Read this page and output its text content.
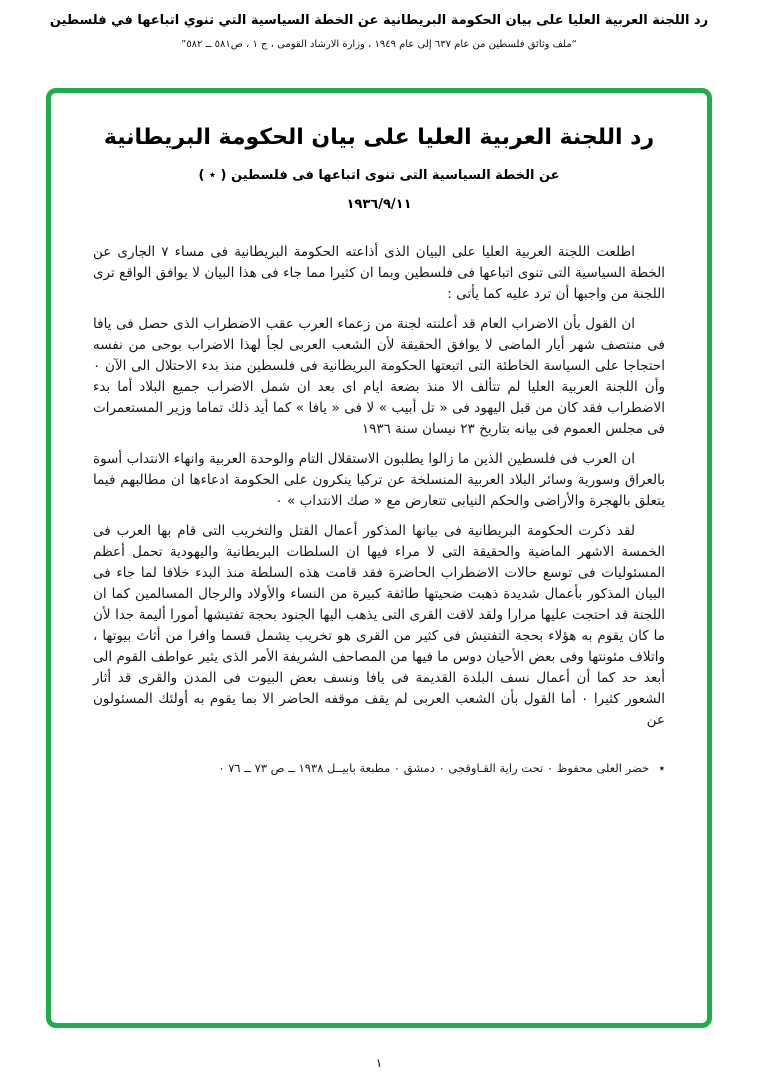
رد اللجنة العربية العليا على بيان الحكومة البريطانية عن الخطة السياسية التي تنوي اتباعها في فلسطين
“ملف وثائق فلسطين من عام ٦٣٧ إلى عام ١٩٤٩ ، وزارة الارشاد القومى ، ج ١ ، ص٥٨١ ــ ٥٨٢”
رد اللجنة العربية العليا على بيان الحكومة البريطانية
عن الخطة السياسية التى تنوى اتباعها فى فلسطين ( ٭ )
١٩٣٦/٩/١١

اطلعت اللجنة العربية العليا على البيان الذى أذاعته الحكومة البريطانية فى مساء ٧ الجارى عن الخطة السياسية التى تنوى اتباعها فى فلسطين وبما ان كثيرا مما جاء فى هذا البيان لا يوافق الواقع ترى اللجنة من واجبها أن ترد عليه كما يأتى :

ان القول بأن الاضراب العام قد أعلنته لجنة من زعماء العرب عقب الاضطراب الذى حصل فى يافا فى منتصف شهر أيار الماضى لا يوافق الحقيقة لأن الشعب العربى لجأ لهذا الاضراب بوحى من نفسه احتجاجا على السياسة الخاطئة التى اتبعتها الحكومة البريطانية فى فلسطين منذ بدء الاحتلال الى الآن ۰ وأن اللجنة العربية العليا لم تتألف الا منذ بضعة ايام اى بعد ان شمل الاضراب جميع البلاد أما بدء الاضطراب فقد كان من قبل اليهود فى « تل أبيب » لا فى « يافا » كما أيد ذلك تماما وزير المستعمرات فى مجلس العموم فى بيانه بتاريخ ٢٣ نيسان سنة ١٩٣٦

ان العرب فى فلسطين الذين ما زالوا يطلبون الاستقلال التام والوحدة العربية وانهاء الانتداب أسوة بالعراق وسورية وسائر البلاد العربية المنسلخة عن تركيا ينكرون على الحكومة ادعاءها ان مطالبهم فيما يتعلق بالهجرة والأراضى والحكم النيابى تتعارض مع « صك الانتداب » ۰

لقد ذكرت الحكومة البريطانية فى بيانها المذكور أعمال القتل والتخريب التى قام بها العرب فى الخمسة الاشهر الماضية والحقيقة التى لا مراء فيها ان السلطات البريطانية واليهودية تحمل أعظم المسئوليات فى توسع حالات الاضطراب الحاضرة فقد قامت هذه السلطة منذ البدء خلافا لما جاء فى البيان المذكور بأعمال شديدة ذهبت ضحيتها طائفة كبيرة من النساء والأولاد والرجال المسالمين كما ان اللجنة قد احتجت عليها مرارا ولقد لاقت القرى التى يذهب اليها الجنود بحجة تفتيشها أمورا أليمة جدا لأن ما كان يقوم به هؤلاء بحجة التفتيش فى كثير من القرى هو تخريب يشمل قسما وافرا من أثاث بيوتها ، واتلاف مئونتها وفى بعض الأحيان دوس ما فيها من المصاحف الشريفة الأمر الذى يثير عواطف القوم الى أبعد حد كما أن أعمال نسف البلدة القديمة فى يافا ونسف بعض البيوت فى المدن والقرى قد أثار الشعور كثيرا ۰ أما القول بأن الشعب العربى لم يقف موقفه الحاضر الا بما يقوم به أولئك المسئولون عن

٭ خضر العلى محفوظ ۰ تحت راية القـاوقجى ۰ دمشق ۰ مطبعة بابيــل ١٩٣٨ ــ ص ٧٣ ــ ٧٦ ۰
١
